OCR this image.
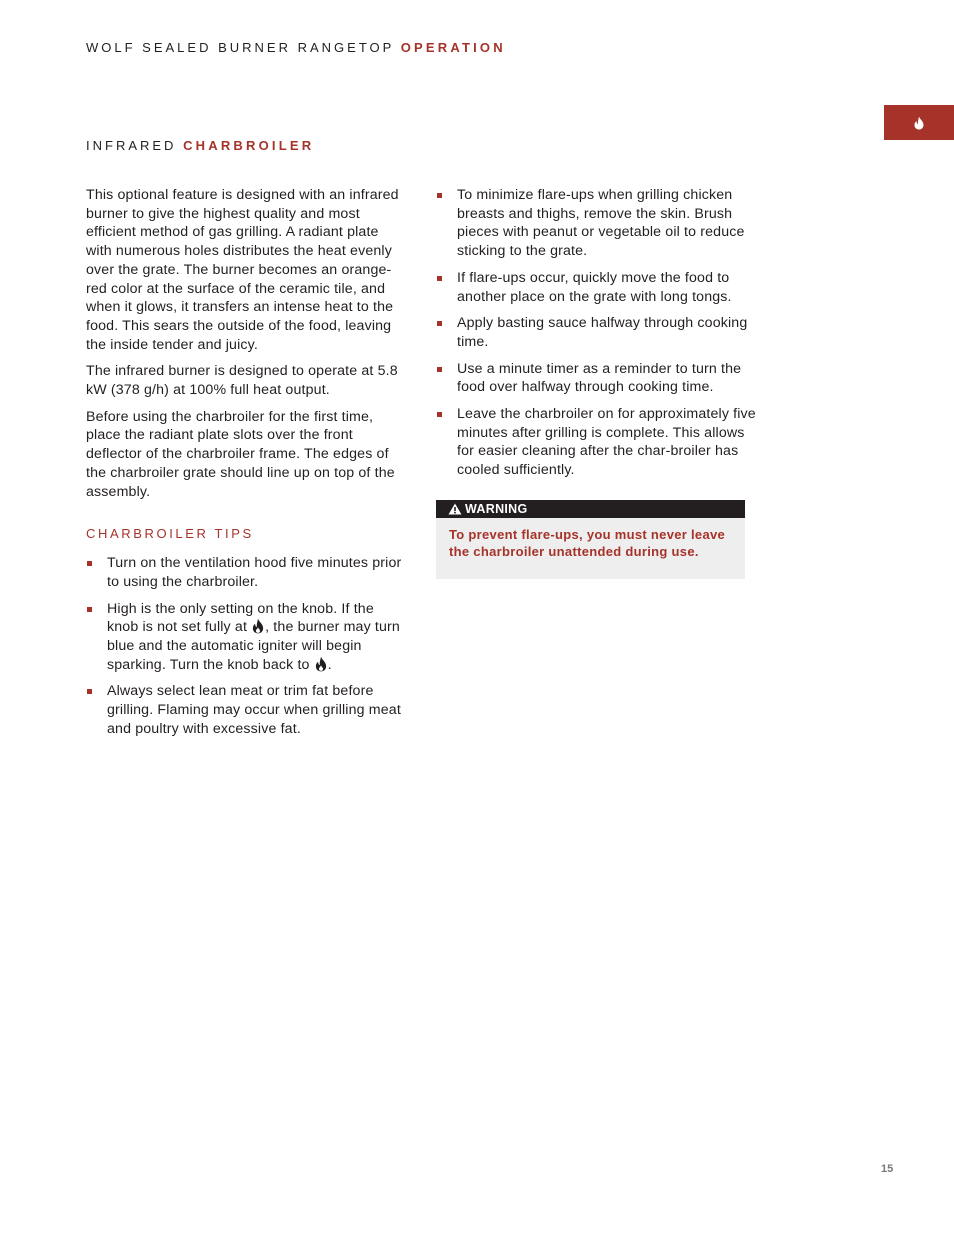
WOLF SEALED BURNER RANGETOP OPERATION
INFRARED CHARBROILER

This optional feature is designed with an infrared burner to give the highest quality and most efficient method of gas grilling. A radiant plate with numerous holes distributes the heat evenly over the grate. The burner becomes an orange-red color at the surface of the ceramic tile, and when it glows, it transfers an intense heat to the food. This sears the outside of the food, leaving the inside tender and juicy.

The infrared burner is designed to operate at 5.8 kW (378 g/h) at 100% full heat output.

Before using the charbroiler for the first time, place the radiant plate slots over the front deflector of the charbroiler frame. The edges of the charbroiler grate should line up on top of the assembly.

CHARBROILER TIPS
Turn on the ventilation hood five minutes prior to using the charbroiler.
High is the only setting on the knob. If the knob is not set fully at , the burner may turn blue and the automatic igniter will begin sparking. Turn the knob back to .
Always select lean meat or trim fat before grilling. Flaming may occur when grilling meat and poultry with excessive fat.
To minimize flare-ups when grilling chicken breasts and thighs, remove the skin. Brush pieces with peanut or vegetable oil to reduce sticking to the grate.
If flare-ups occur, quickly move the food to another place on the grate with long tongs.
Apply basting sauce halfway through cooking time.
Use a minute timer as a reminder to turn the food over halfway through cooking time.
Leave the charbroiler on for approximately five minutes after grilling is complete. This allows for easier cleaning after the char-broiler has cooled sufficiently.
WARNING
To prevent flare-ups, you must never leave the charbroiler unattended during use.
15
